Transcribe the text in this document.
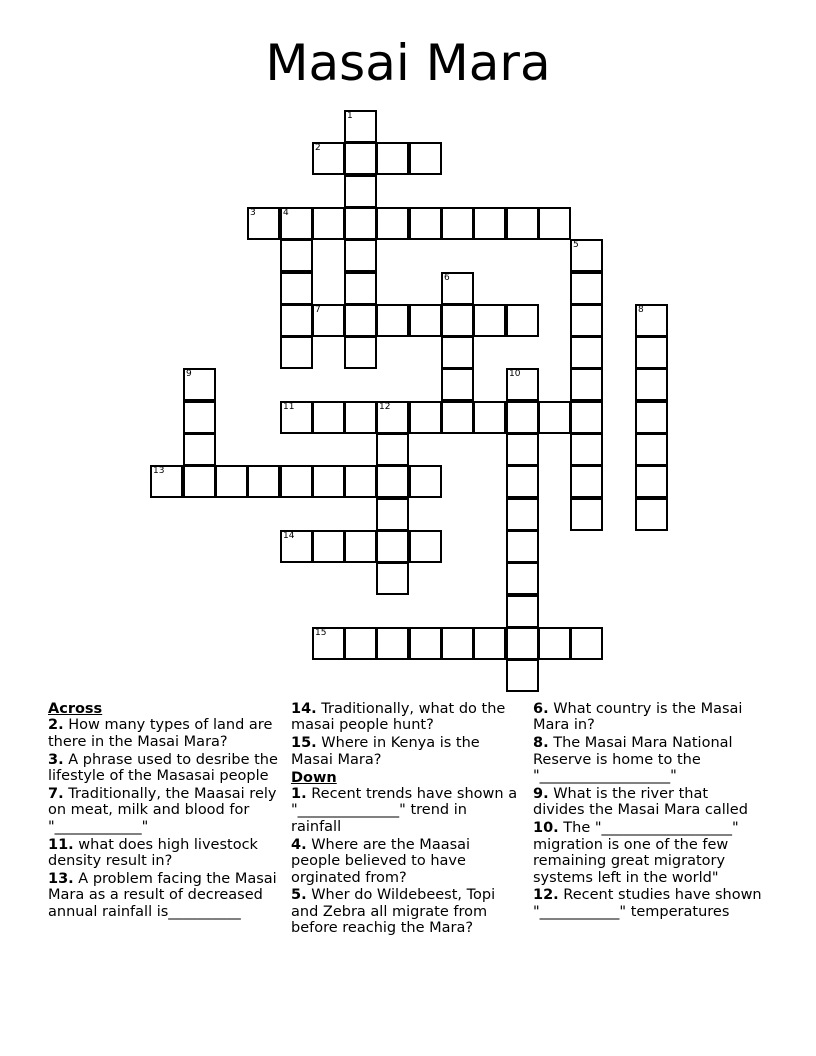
Masai Mara
1
2
3	4
5
6
7	8
9	10
11	12
13
14
15
Across
2. How many types of land are there in the Masai Mara?
3. A phrase used to desribe the lifestyle of the Masasai people
7. Traditionally, the Maasai rely on meat, milk and blood for "____________"
11. what does high livestock density result in?
13. A problem facing the Masai Mara as a result of decreased annual rainfall is__________
14. Traditionally, what do the masai people hunt?
15. Where in Kenya is the Masai Mara?
Down
1. Recent trends have shown a "______________" trend in rainfall
4. Where are the Maasai people believed to have orginated from?
5. Wher do Wildebeest, Topi and Zebra all migrate from before reachig the Mara?
6. What country is the Masai Mara in?
8. The Masai Mara National Reserve is home to the "__________________"
9. What is the river that divides the Masai Mara called
10. The "__________________" migration is one of the few remaining great migratory systems left in the world"
12. Recent studies have shown "___________" temperatures
